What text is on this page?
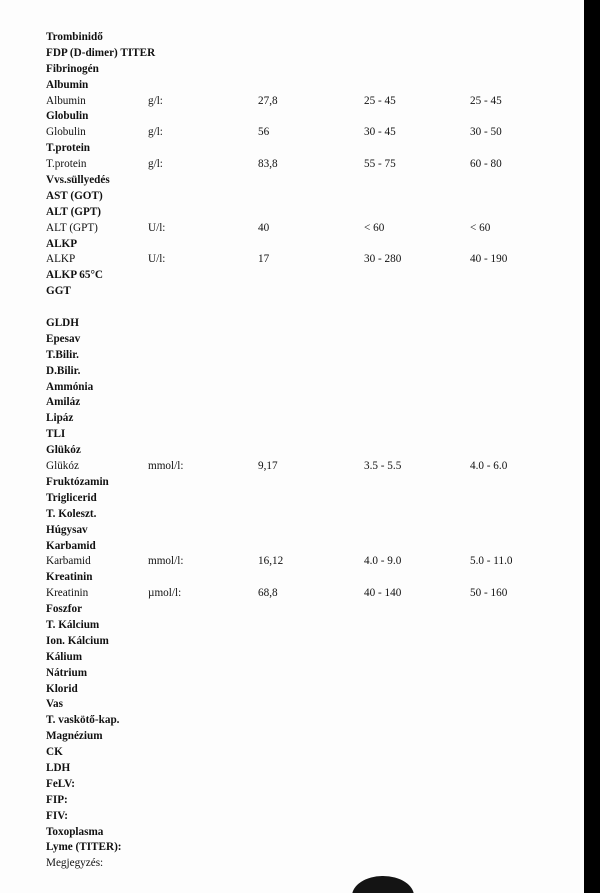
Trombinidő
FDP (D-dimer) TITER
Fibrinogén
Albumin
Albumin	g/l:	27,8	25 - 45	25 - 45
Globulin
Globulin	g/l:	56	30 - 45	30 - 50
T.protein
T.protein	g/l:	83,8	55 - 75	60 - 80
Vvs.süllyedés
AST (GOT)
ALT (GPT)
ALT (GPT)	U/l:	40	< 60	< 60
ALKP
ALKP	U/l:	17	30 - 280	40 - 190
ALKP 65°C
GGT
GLDH
Epesav
T.Bilir.
D.Bilir.
Ammónia
Amiláz
Lipáz
TLI
Glükóz
Glükóz	mmol/l:	9,17	3.5 - 5.5	4.0 - 6.0
Fruktózamin
Triglicerid
T. Koleszt.
Húgysav
Karbamid
Karbamid	mmol/l:	16,12	4.0 - 9.0	5.0 - 11.0
Kreatinin
Kreatinin	µmol/l:	68,8	40 - 140	50 - 160
Foszfor
T. Kálcium
Ion. Kálcium
Kálium
Nátrium
Klorid
Vas
T. vaskötő-kap.
Magnézium
CK
LDH
FeLV:
FIP:
FIV:
Toxoplasma
Lyme (TITER):
Megjegyzés:
